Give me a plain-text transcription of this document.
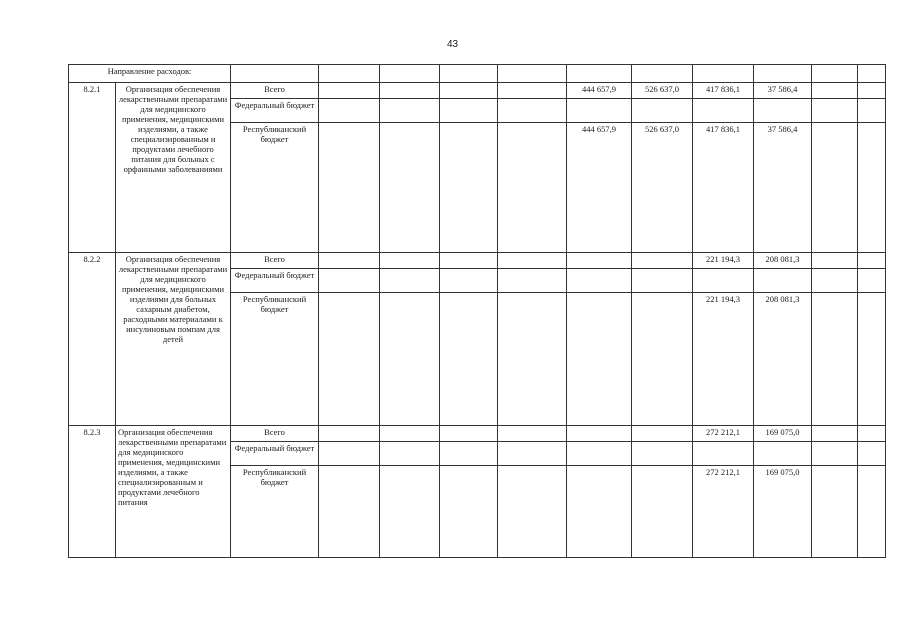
43
Направление расходов:												
8.2.1	Организация обеспечения лекарственными препаратами для медицинского применения, медицинскими изделиями, а также специализированным и продуктами лечебного питания для больных с орфанными заболеваниями	Всего					444 657,9	526 637,0	417 836,1	37 586,4		
		Федеральный бюджет										
		Республиканский бюджет					444 657,9	526 637,0	417 836,1	37 586,4		
8.2.2	Организация обеспечения лекарственными препаратами для медицинского применения, медицинскими изделиями для больных сахарным диабетом, расходными материалами к инсулиновым помпам для детей	Всего							221 194,3	208 081,3		
		Федеральный бюджет										
		Республиканский бюджет							221 194,3	208 081,3		
8.2.3	Организация обеспечения лекарственными препаратами для медицинского применения, медицинскими изделиями, а также специализированным и продуктами лечебного питания	Всего							272 212,1	169 075,0		
		Федеральный бюджет										
		Республиканский бюджет							272 212,1	169 075,0		
